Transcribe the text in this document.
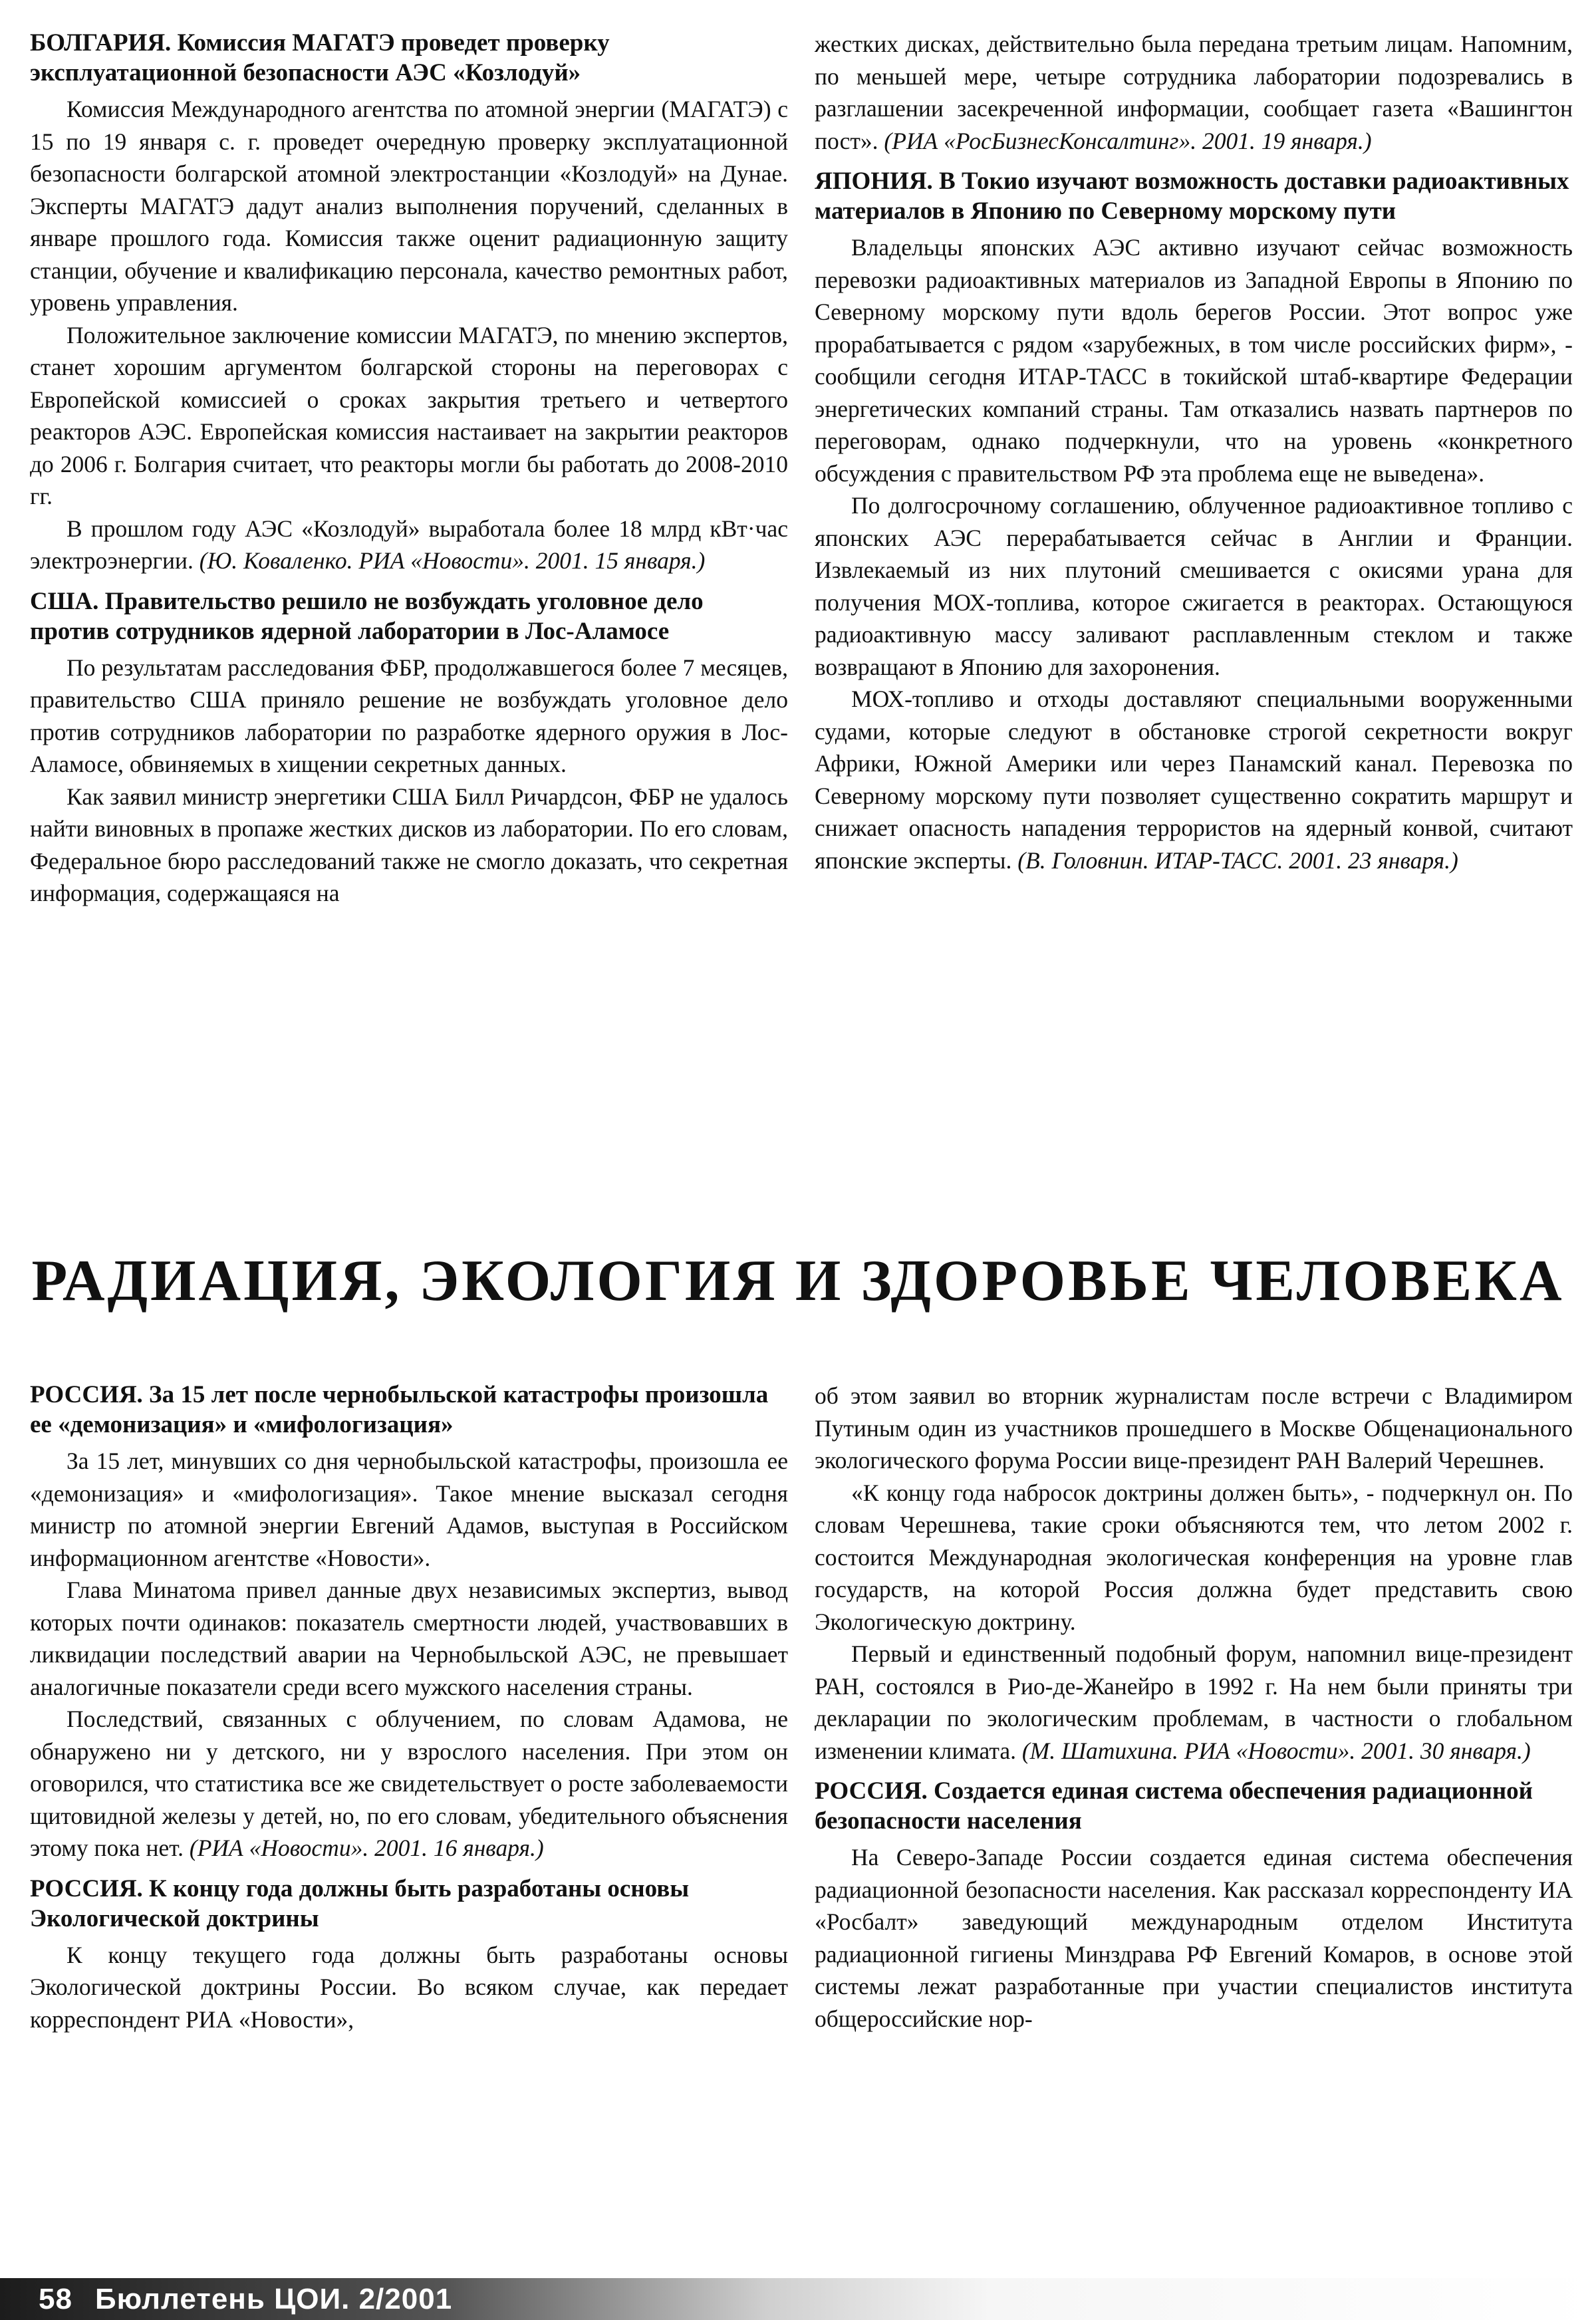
БОЛГАРИЯ. Комиссия МАГАТЭ проведет проверку эксплуатационной безопасности АЭС «Козлодуй»

Комиссия Международного агентства по атомной энергии (МАГАТЭ) с 15 по 19 января с. г. проведет очередную проверку эксплуатационной безопасности болгарской атомной электростанции «Козлодуй» на Дунае. Эксперты МАГАТЭ дадут анализ выполнения поручений, сделанных в январе прошлого года. Комиссия также оценит радиационную защиту станции, обучение и квалификацию персонала, качество ремонтных работ, уровень управления.

Положительное заключение комиссии МАГАТЭ, по мнению экспертов, станет хорошим аргументом болгарской стороны на переговорах с Европейской комиссией о сроках закрытия третьего и четвертого реакторов АЭС. Европейская комиссия настаивает на закрытии реакторов до 2006 г. Болгария считает, что реакторы могли бы работать до 2008-2010 гг.

В прошлом году АЭС «Козлодуй» выработала более 18 млрд кВт·час электроэнергии. (Ю. Коваленко. РИА «Новости». 2001. 15 января.)

США. Правительство решило не возбуждать уголовное дело против сотрудников ядерной лаборатории в Лос-Аламосе

По результатам расследования ФБР, продолжавшегося более 7 месяцев, правительство США приняло решение не возбуждать уголовное дело против сотрудников лаборатории по разработке ядерного оружия в Лос-Аламосе, обвиняемых в хищении секретных данных.

Как заявил министр энергетики США Билл Ричардсон, ФБР не удалось найти виновных в пропаже жестких дисков из лаборатории. По его словам, Федеральное бюро расследований также не смогло доказать, что секретная информация, содержащаяся на

жестких дисках, действительно была передана третьим лицам. Напомним, по меньшей мере, четыре сотрудника лаборатории подозревались в разглашении засекреченной информации, сообщает газета «Вашингтон пост». (РИА «РосБизнесКонсалтинг». 2001. 19 января.)

ЯПОНИЯ. В Токио изучают возможность доставки радиоактивных материалов в Японию по Северному морскому пути

Владельцы японских АЭС активно изучают сейчас возможность перевозки радиоактивных материалов из Западной Европы в Японию по Северному морскому пути вдоль берегов России. Этот вопрос уже прорабатывается с рядом «зарубежных, в том числе российских фирм», - сообщили сегодня ИТАР-ТАСС в токийской штаб-квартире Федерации энергетических компаний страны. Там отказались назвать партнеров по переговорам, однако подчеркнули, что на уровень «конкретного обсуждения с правительством РФ эта проблема еще не выведена».

По долгосрочному соглашению, облученное радиоактивное топливо с японских АЭС перерабатывается сейчас в Англии и Франции. Извлекаемый из них плутоний смешивается с окисями урана для получения МОХ-топлива, которое сжигается в реакторах. Остающуюся радиоактивную массу заливают расплавленным стеклом и также возвращают в Японию для захоронения.

МОХ-топливо и отходы доставляют специальными вооруженными судами, которые следуют в обстановке строгой секретности вокруг Африки, Южной Америки или через Панамский канал. Перевозка по Северному морскому пути позволяет существенно сократить маршрут и снижает опасность нападения террористов на ядерный конвой, считают японские эксперты. (В. Головнин. ИТАР-ТАСС. 2001. 23 января.)

РАДИАЦИЯ, ЭКОЛОГИЯ И ЗДОРОВЬЕ ЧЕЛОВЕКА
РОССИЯ. За 15 лет после чернобыльской катастрофы произошла ее «демонизация» и «мифологизация»

За 15 лет, минувших со дня чернобыльской катастрофы, произошла ее «демонизация» и «мифологизация». Такое мнение высказал сегодня министр по атомной энергии Евгений Адамов, выступая в Российском информационном агентстве «Новости».

Глава Минатома привел данные двух независимых экспертиз, вывод которых почти одинаков: показатель смертности людей, участвовавших в ликвидации последствий аварии на Чернобыльской АЭС, не превышает аналогичные показатели среди всего мужского населения страны.

Последствий, связанных с облучением, по словам Адамова, не обнаружено ни у детского, ни у взрослого населения. При этом он оговорился, что статистика все же свидетельствует о росте заболеваемости щитовидной железы у детей, но, по его словам, убедительного объяснения этому пока нет. (РИА «Новости». 2001. 16 января.)

РОССИЯ. К концу года должны быть разработаны основы Экологической доктрины

К концу текущего года должны быть разработаны основы Экологической доктрины России. Во всяком случае, как передает корреспондент РИА «Новости»,

об этом заявил во вторник журналистам после встречи с Владимиром Путиным один из участников прошедшего в Москве Общенационального экологического форума России вице-президент РАН Валерий Черешнев.

«К концу года набросок доктрины должен быть», - подчеркнул он. По словам Черешнева, такие сроки объясняются тем, что летом 2002 г. состоится Международная экологическая конференция на уровне глав государств, на которой Россия должна будет представить свою Экологическую доктрину.

Первый и единственный подобный форум, напомнил вице-президент РАН, состоялся в Рио-де-Жанейро в 1992 г. На нем были приняты три декларации по экологическим проблемам, в частности о глобальном изменении климата. (М. Шатихина. РИА «Новости». 2001. 30 января.)

РОССИЯ. Создается единая система обеспечения радиационной безопасности населения

На Северо-Западе России создается единая система обеспечения радиационной безопасности населения. Как рассказал корреспонденту ИА «Росбалт» заведующий международным отделом Института радиационной гигиены Минздрава РФ Евгений Комаров, в основе этой системы лежат разработанные при участии специалистов института общероссийские нор-

58 Бюллетень ЦОИ. 2/2001
